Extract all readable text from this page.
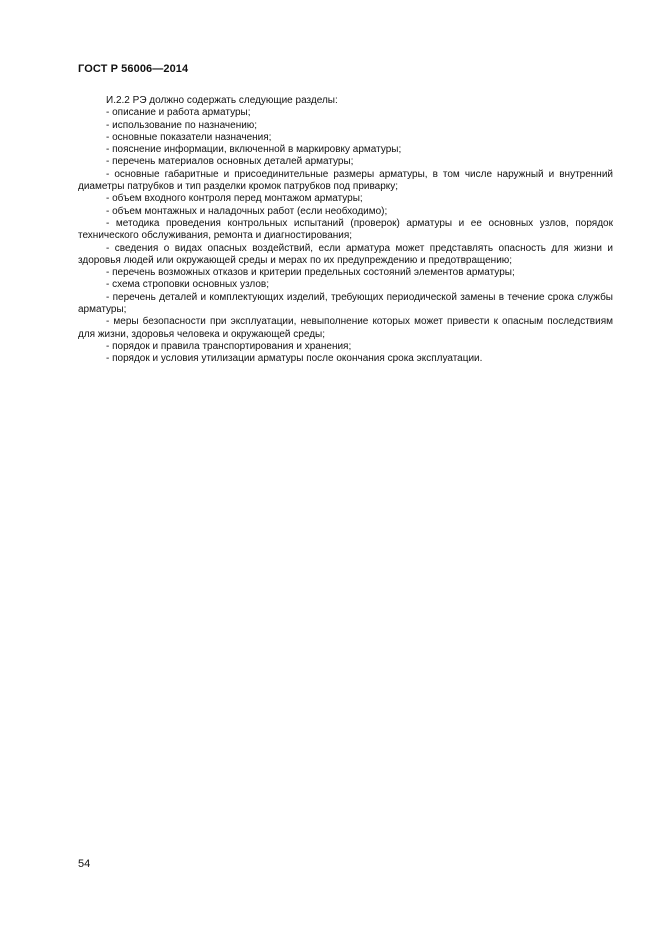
ГОСТ Р 56006—2014

И.2.2 РЭ должно содержать следующие разделы:

- описание и работа арматуры;

- использование по назначению;

- основные показатели назначения;

- пояснение информации, включенной в маркировку арматуры;

- перечень материалов основных деталей арматуры;

- основные габаритные и присоединительные размеры арматуры, в том числе наружный и внутренний диаметры патрубков и тип разделки кромок патрубков под приварку;

- объем входного контроля перед монтажом арматуры;

- объем монтажных и наладочных работ (если необходимо);

- методика проведения контрольных испытаний (проверок) арматуры и ее основных узлов, порядок технического обслуживания, ремонта и диагностирования;

- сведения о видах опасных воздействий, если арматура может представлять опасность для жизни и здоровья людей или окружающей среды и мерах по их предупреждению и предотвращению;

- перечень возможных отказов и критерии предельных состояний элементов арматуры;

- схема строповки основных узлов;

- перечень деталей и комплектующих изделий, требующих периодической замены в течение срока службы арматуры;

- меры безопасности при эксплуатации, невыполнение которых может привести к опасным последствиям для жизни, здоровья человека и окружающей среды;

- порядок и правила транспортирования и хранения;

- порядок и условия утилизации арматуры после окончания срока эксплуатации.

54
